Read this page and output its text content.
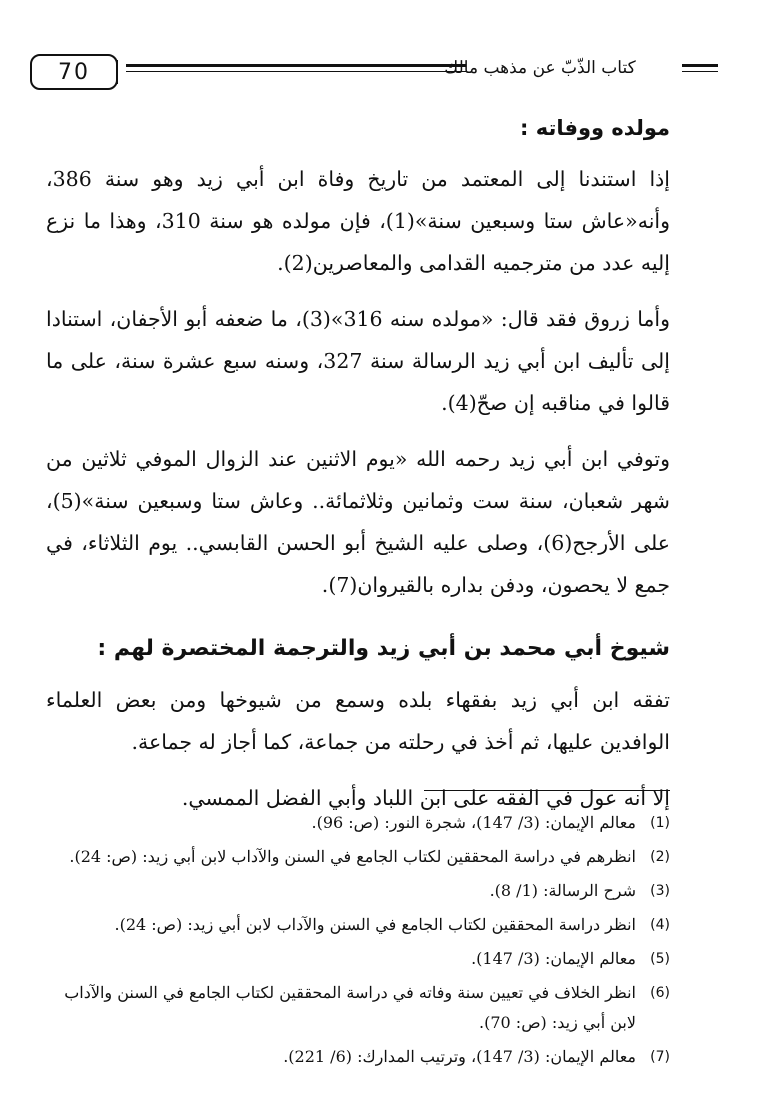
70	كتاب الذّبّ عن مذهب مالك
مولده ووفاته :

إذا استندنا إلى المعتمد من تاريخ وفاة ابن أبي زيد وهو سنة 386، وأنه«عاش ستا وسبعين سنة»(1)، فإن مولده هو سنة 310، وهذا ما نزع إليه عدد من مترجميه القدامى والمعاصرين(2).

وأما زروق فقد قال: «مولده سنه 316»(3)، ما ضعفه أبو الأجفان، استنادا إلى تأليف ابن أبي زيد الرسالة سنة 327، وسنه سبع عشرة سنة، على ما قالوا في مناقبه إن صحّ(4).

وتوفي ابن أبي زيد رحمه الله «يوم الاثنين عند الزوال الموفي ثلاثين من شهر شعبان، سنة ست وثمانين وثلاثمائة.. وعاش ستا وسبعين سنة»(5)، على الأرجح(6)، وصلى عليه الشيخ أبو الحسن القابسي.. يوم الثلاثاء، في جمع لا يحصون، ودفن بداره بالقيروان(7).

شيوخ أبي محمد بن أبي زيد والترجمة المختصرة لهم :

تفقه ابن أبي زيد بفقهاء بلده وسمع من شيوخها ومن بعض العلماء الوافدين عليها، ثم أخذ في رحلته من جماعة، كما أجاز له جماعة.

إلا أنه عول في الفقه على ابن اللباد وأبي الفضل الممسي.

(1)
معالم الإيمان: (3/ 147)، شجرة النور: (ص: 96).
(2)
انظرهم في دراسة المحققين لكتاب الجامع في السنن والآداب لابن أبي زيد: (ص: 24).
(3)
شرح الرسالة: (1/ 8).
(4)
انظر دراسة المحققين لكتاب الجامع في السنن والآداب لابن أبي زيد: (ص: 24).
(5)
معالم الإيمان: (3/ 147).
(6)
انظر الخلاف في تعيين سنة وفاته في دراسة المحققين لكتاب الجامع في السنن والآداب لابن أبي زيد: (ص: 70).
(7)
معالم الإيمان: (3/ 147)، وترتيب المدارك: (6/ 221).
